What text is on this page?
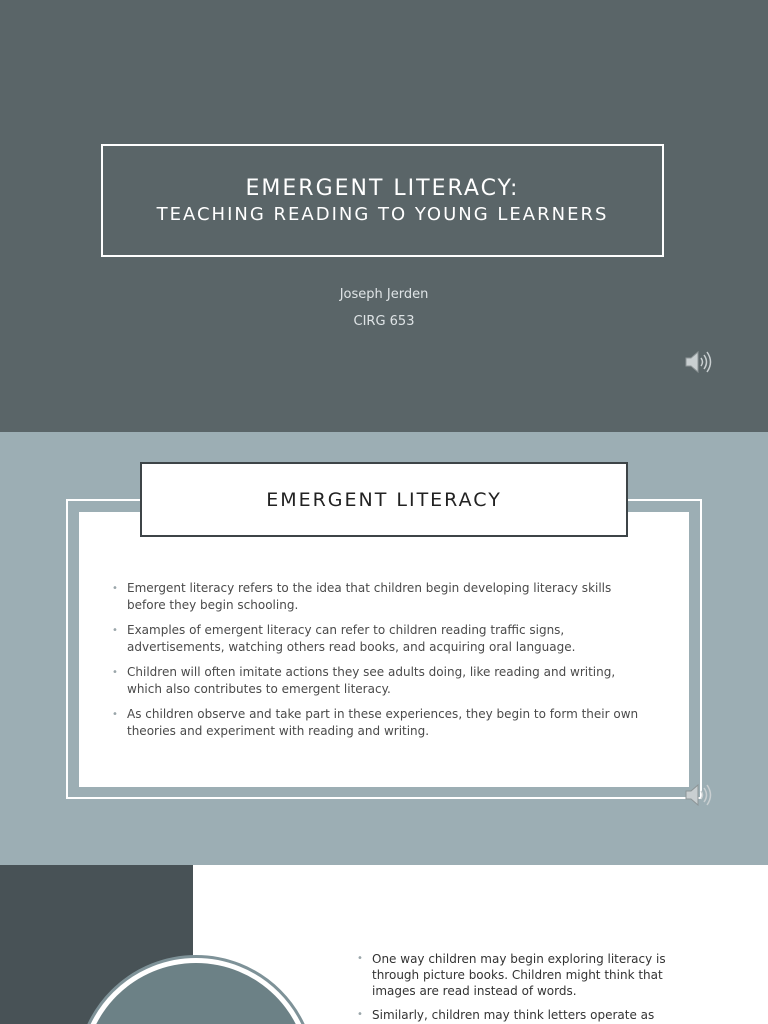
EMERGENT LITERACY:
TEACHING READING TO YOUNG LEARNERS
Joseph Jerden
CIRG 653
EMERGENT LITERACY
• Emergent literacy refers to the idea that children begin developing literacy skills before they begin schooling.
• Examples of emergent literacy can refer to children reading traffic signs, advertisements, watching others read books, and acquiring oral language.
• Children will often imitate actions they see adults doing, like reading and writing, which also contributes to emergent literacy.
• As children observe and take part in these experiences, they begin to form their own theories and experiment with reading and writing.
• One way children may begin exploring literacy is through picture books. Children might think that images are read instead of words.
• Similarly, children may think letters operate as
